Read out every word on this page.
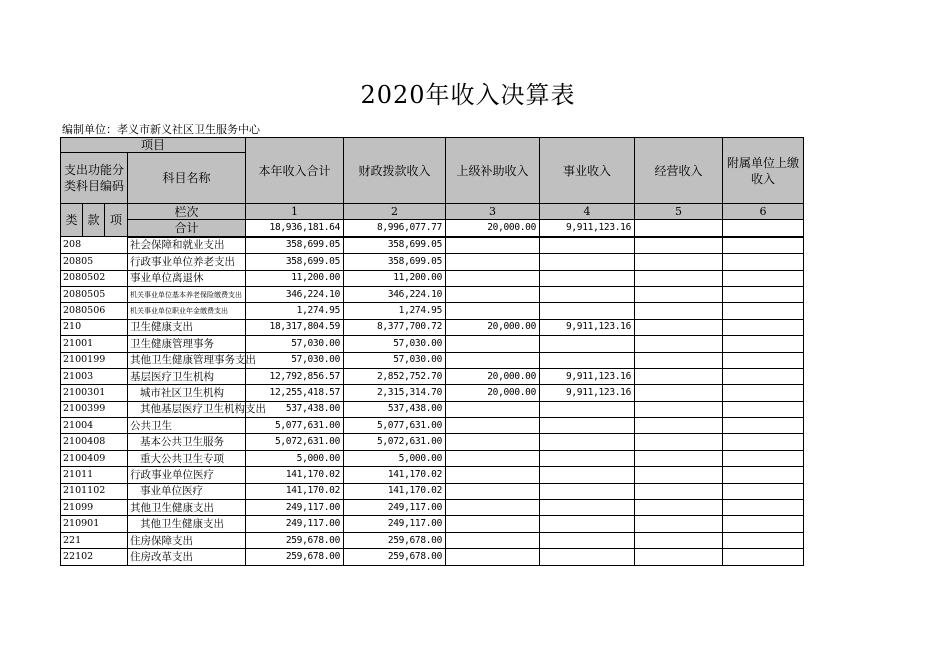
2020年收入决算表
编制单位：孝义市新义社区卫生服务中心
项目				本年收入合计	财政拨款收入	上级补助收入	事业收入	经营收入	附属单位上缴收入
支出功能分类科目编码			科目名称						
类	款	项							
			栏次	1	2	3	4	5	6
			合计	18,936,181.64	8,996,077.77	20,000.00	9,911,123.16		
208			社会保障和就业支出	358,699.05	358,699.05				
20805			行政事业单位养老支出	358,699.05	358,699.05				
2080502			事业单位离退休	11,200.00	11,200.00				
2080505			机关事业单位基本养老保险缴费支出	346,224.10	346,224.10				
2080506			机关事业单位职业年金缴费支出	1,274.95	1,274.95				
210			卫生健康支出	18,317,804.59	8,377,700.72	20,000.00	9,911,123.16		
21001			卫生健康管理事务	57,030.00	57,030.00				
2100199			其他卫生健康管理事务支出	57,030.00	57,030.00				
21003			基层医疗卫生机构	12,792,856.57	2,852,752.70	20,000.00	9,911,123.16		
2100301			城市社区卫生机构	12,255,418.57	2,315,314.70	20,000.00	9,911,123.16		
2100399			其他基层医疗卫生机构支出	537,438.00	537,438.00				
21004			公共卫生	5,077,631.00	5,077,631.00				
2100408			基本公共卫生服务	5,072,631.00	5,072,631.00				
2100409			重大公共卫生专项	5,000.00	5,000.00				
21011			行政事业单位医疗	141,170.02	141,170.02				
2101102			事业单位医疗	141,170.02	141,170.02				
21099			其他卫生健康支出	249,117.00	249,117.00				
210901			其他卫生健康支出	249,117.00	249,117.00				
221			住房保障支出	259,678.00	259,678.00				
22102			住房改革支出	259,678.00	259,678.00				
